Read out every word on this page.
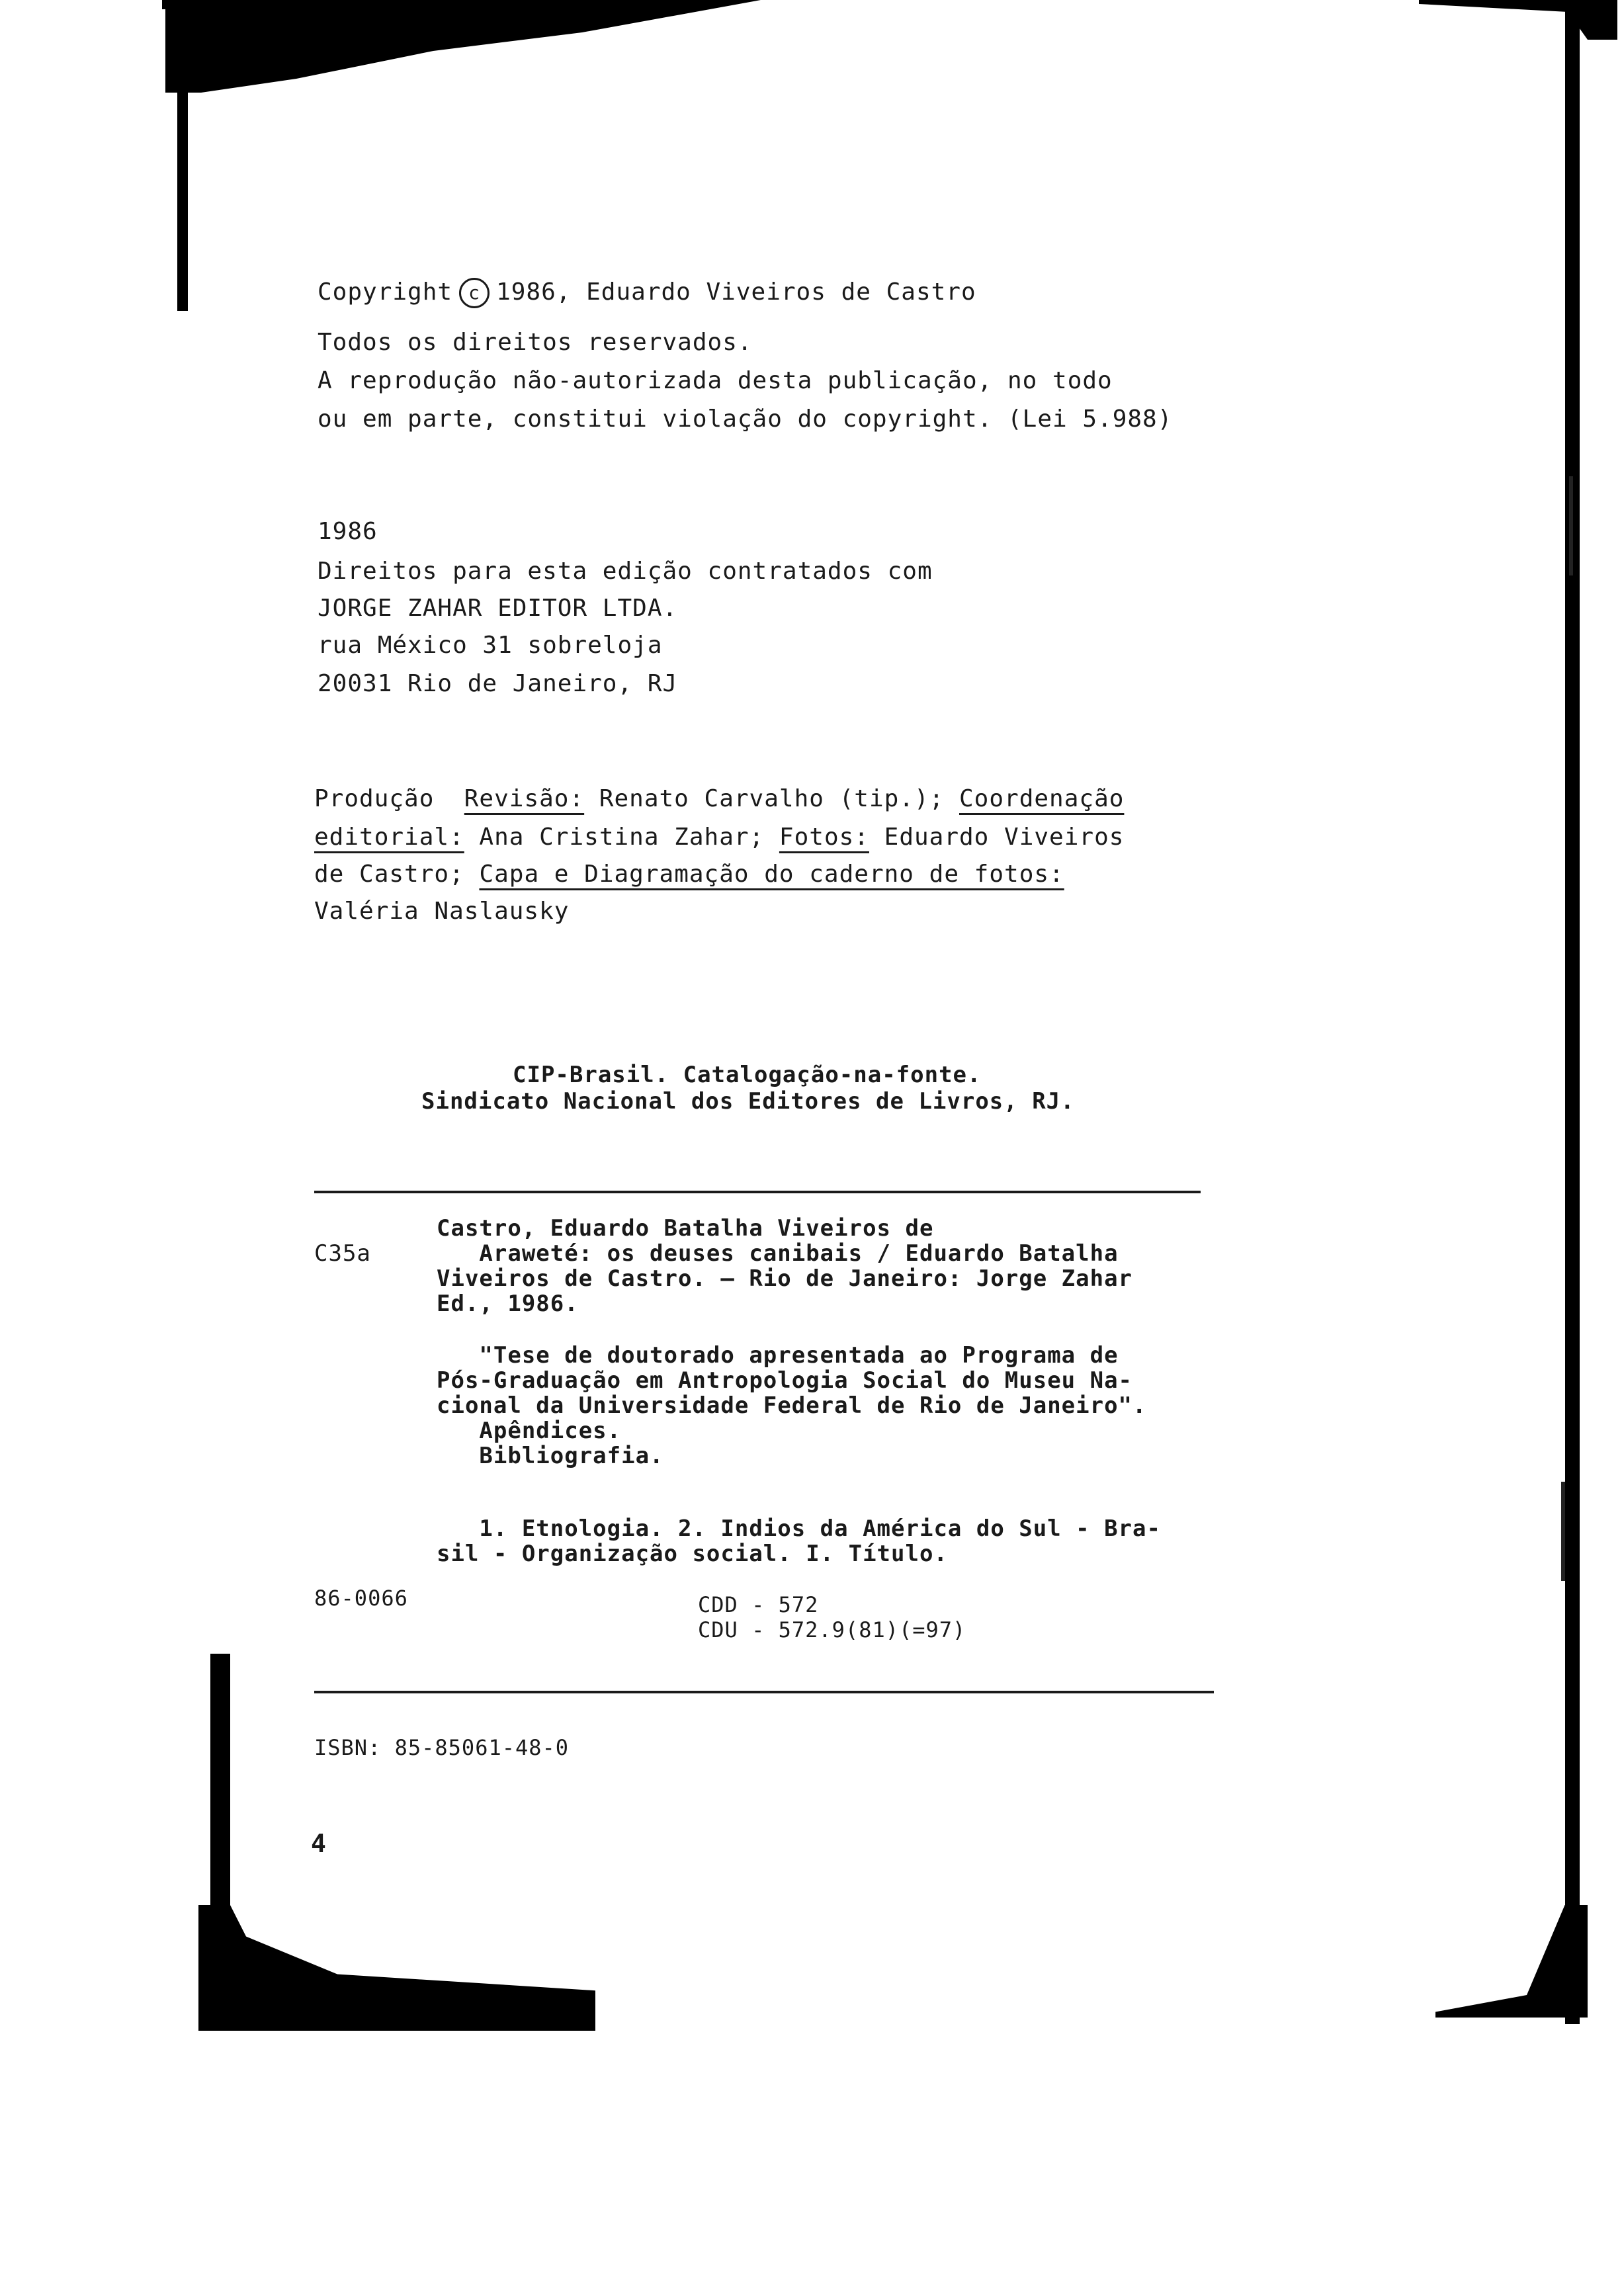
Copyright c 1986, Eduardo Viveiros de Castro
Todos os direitos reservados.
A reprodução não-autorizada desta publicação, no todo
ou em parte, constitui violação do copyright. (Lei 5.988)
1986
Direitos para esta edição contratados com
JORGE ZAHAR EDITOR LTDA.
rua México 31 sobreloja
20031 Rio de Janeiro, RJ
Produção Revisão: Renato Carvalho (tip.); Coordenação
editorial: Ana Cristina Zahar; Fotos: Eduardo Viveiros
de Castro; Capa e Diagramação do caderno de fotos:
Valéria Naslausky
CIP-Brasil. Catalogação-na-fonte.
Sindicato Nacional dos Editores de Livros, RJ.
C35a
Castro, Eduardo Batalha Viveiros de
Araweté: os deuses canibais / Eduardo Batalha
Viveiros de Castro. — Rio de Janeiro: Jorge Zahar
Ed., 1986.
"Tese de doutorado apresentada ao Programa de
Pós-Graduação em Antropologia Social do Museu Na-
cional da Universidade Federal de Rio de Janeiro".
Apêndices.
Bibliografia.
1. Etnologia. 2. Indios da América do Sul - Bra-
sil - Organização social. I. Título.
86-0066	CDD - 572
CDU - 572.9(81)(=97)
ISBN: 85-85061-48-0
4
